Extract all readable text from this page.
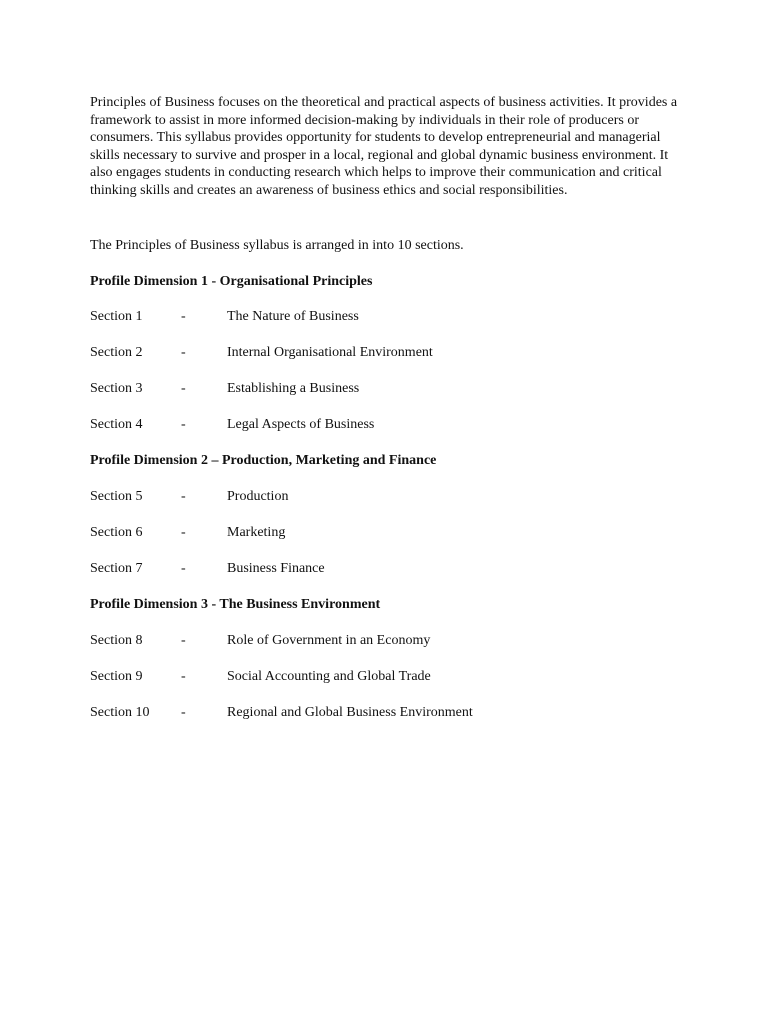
Principles of Business focuses on the theoretical and practical aspects of business activities. It provides a framework to assist in more informed decision-making by individuals in their role of producers or consumers. This syllabus provides opportunity for students to develop entrepreneurial and managerial skills necessary to survive and prosper in a local, regional and global dynamic business environment. It also engages students in conducting research which helps to improve their communication and critical thinking skills and creates an awareness of business ethics and social responsibilities.

The Principles of Business syllabus is arranged in into 10 sections.

Profile Dimension 1 - Organisational Principles

Section 1	-	The Nature of Business
Section 2	-	Internal Organisational Environment
Section 3	-	Establishing a Business
Section 4	-	Legal Aspects of Business

Profile Dimension 2 – Production, Marketing and Finance

Section 5	-	Production
Section 6	-	Marketing
Section 7	-	Business Finance

Profile Dimension 3 - The Business Environment

Section 8	-	Role of Government in an Economy
Section 9	-	Social Accounting and Global Trade
Section 10 -	Regional and Global Business Environment
